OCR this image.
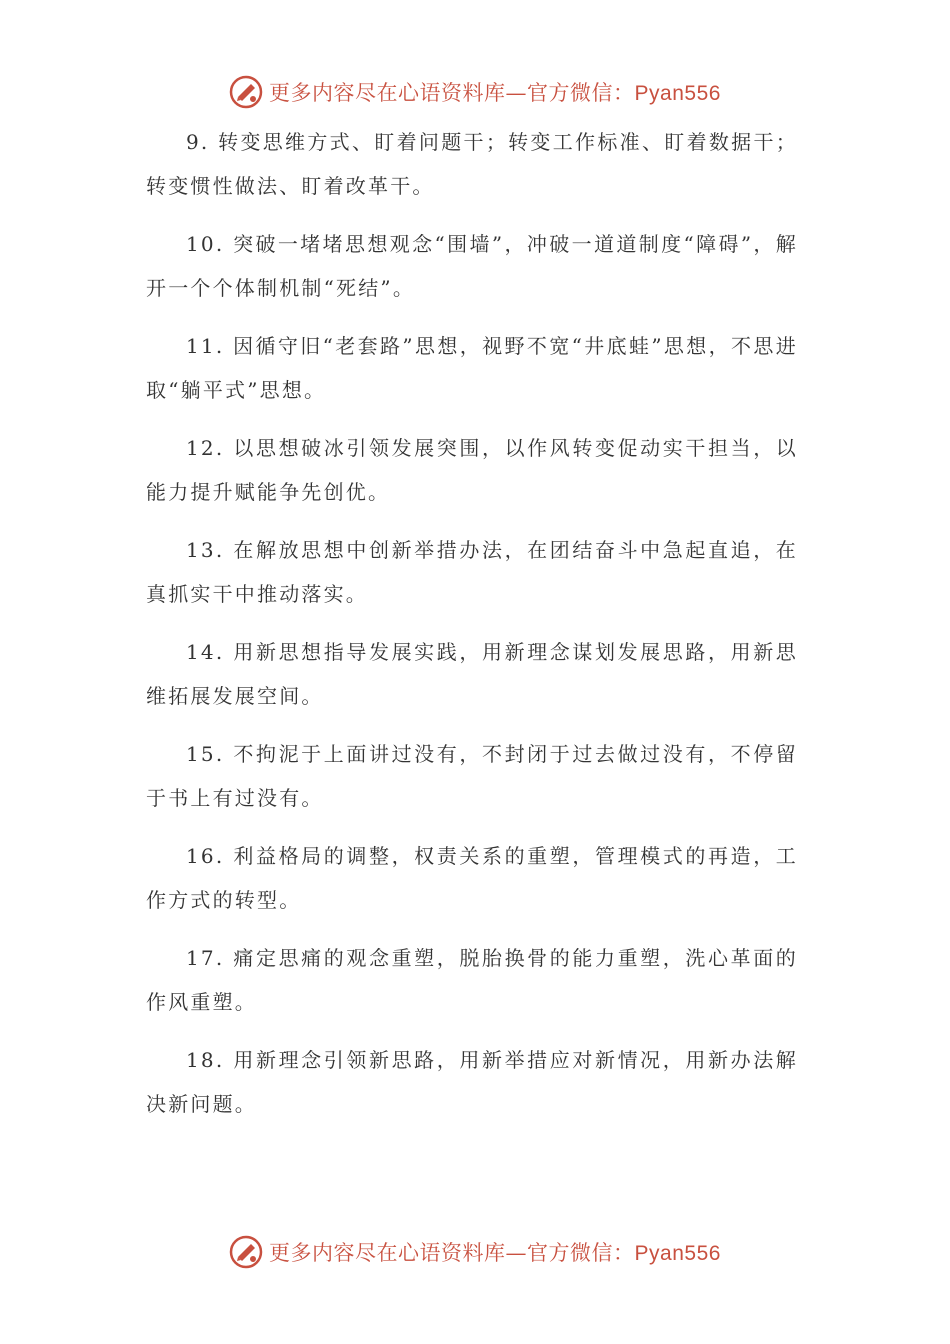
更多内容尽在心语资料库—官方微信：Pyan556

9. 转变思维方式、盯着问题干；转变工作标准、盯着数据干；转变惯性做法、盯着改革干。

10. 突破一堵堵思想观念“围墙”，冲破一道道制度“障碍”，解开一个个体制机制“死结”。

11. 因循守旧“老套路”思想，视野不宽“井底蛙”思想，不思进取“躺平式”思想。

12. 以思想破冰引领发展突围，以作风转变促动实干担当，以能力提升赋能争先创优。

13. 在解放思想中创新举措办法，在团结奋斗中急起直追，在真抓实干中推动落实。

14. 用新思想指导发展实践，用新理念谋划发展思路，用新思维拓展发展空间。

15. 不拘泥于上面讲过没有，不封闭于过去做过没有，不停留于书上有过没有。

16. 利益格局的调整，权责关系的重塑，管理模式的再造，工作方式的转型。

17. 痛定思痛的观念重塑，脱胎换骨的能力重塑，洗心革面的作风重塑。

18. 用新理念引领新思路，用新举措应对新情况，用新办法解决新问题。

更多内容尽在心语资料库—官方微信：Pyan556
